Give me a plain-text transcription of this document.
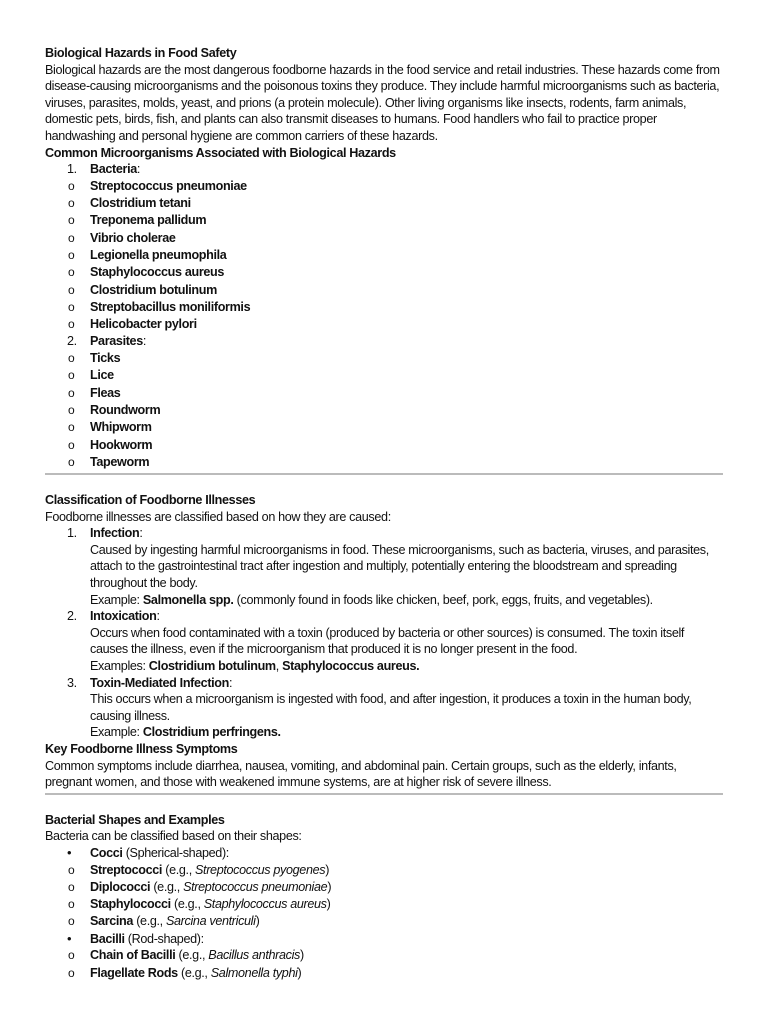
Biological Hazards in Food Safety

Biological hazards are the most dangerous foodborne hazards in the food service and retail industries. These hazards come from disease-causing microorganisms and the poisonous toxins they produce. They include harmful microorganisms such as bacteria, viruses, parasites, molds, yeast, and prions (a protein molecule). Other living organisms like insects, rodents, farm animals, domestic pets, birds, fish, and plants can also transmit diseases to humans. Food handlers who fail to practice proper handwashing and personal hygiene are common carriers of these hazards.

Common Microorganisms Associated with Biological Hazards

1. Bacteria:
o Streptococcus pneumoniae
o Clostridium tetani
o Treponema pallidum
o Vibrio cholerae
o Legionella pneumophila
o Staphylococcus aureus
o Clostridium botulinum
o Streptobacillus moniliformis
o Helicobacter pylori
2. Parasites:
o Ticks
o Lice
o Fleas
o Roundworm
o Whipworm
o Hookworm
o Tapeworm

Classification of Foodborne Illnesses

Foodborne illnesses are classified based on how they are caused:

1. Infection:

Caused by ingesting harmful microorganisms in food. These microorganisms, such as bacteria, viruses, and parasites, attach to the gastrointestinal tract after ingestion and multiply, potentially entering the bloodstream and spreading throughout the body.

Example: Salmonella spp. (commonly found in foods like chicken, beef, pork, eggs, fruits, and vegetables).

2. Intoxication:

Occurs when food contaminated with a toxin (produced by bacteria or other sources) is consumed. The toxin itself causes the illness, even if the microorganism that produced it is no longer present in the food.

Examples: Clostridium botulinum, Staphylococcus aureus.

3. Toxin-Mediated Infection:

This occurs when a microorganism is ingested with food, and after ingestion, it produces a toxin in the human body, causing illness.

Example: Clostridium perfringens.

Key Foodborne Illness Symptoms

Common symptoms include diarrhea, nausea, vomiting, and abdominal pain. Certain groups, such as the elderly, infants, pregnant women, and those with weakened immune systems, are at higher risk of severe illness.

Bacterial Shapes and Examples

Bacteria can be classified based on their shapes:

• Cocci (Spherical-shaped):
o Streptococci (e.g., Streptococcus pyogenes)
o Diplococci (e.g., Streptococcus pneumoniae)
o Staphylococci (e.g., Staphylococcus aureus)
o Sarcina (e.g., Sarcina ventriculi)
• Bacilli (Rod-shaped):
o Chain of Bacilli (e.g., Bacillus anthracis)
o Flagellate Rods (e.g., Salmonella typhi)
